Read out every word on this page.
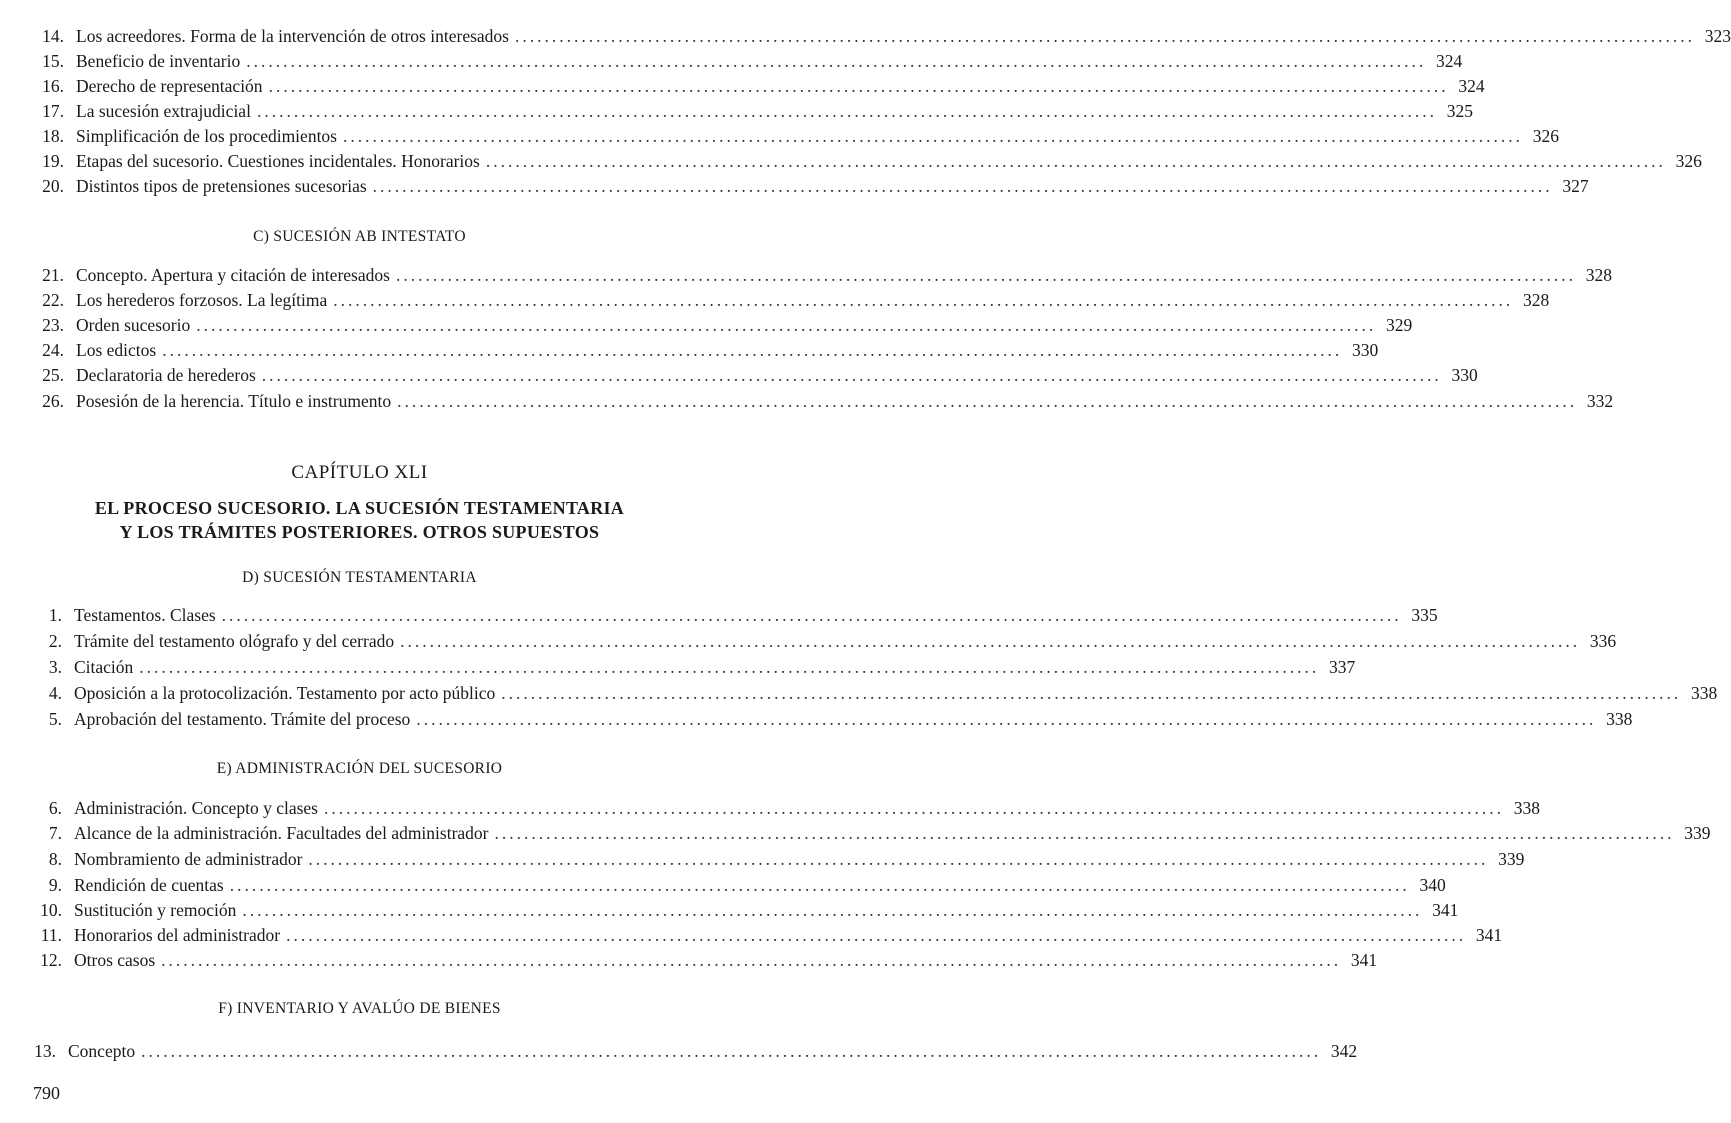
14. Los acreedores. Forma de la intervención de otros interesados ................................................................................................................................................................ 323
15. Beneficio de inventario ................................................................................................................................................................ 324
16. Derecho de representación ................................................................................................................................................................ 324
17. La sucesión extrajudicial ................................................................................................................................................................ 325
18. Simplificación de los procedimientos ................................................................................................................................................................ 326
19. Etapas del sucesorio. Cuestiones incidentales. Honorarios ................................................................................................................................................................ 326
20. Distintos tipos de pretensiones sucesorias ................................................................................................................................................................ 327
C) SUCESIÓN AB INTESTATO
21. Concepto. Apertura y citación de interesados ................................................................................................................................................................ 328
22. Los herederos forzosos. La legítima ................................................................................................................................................................ 328
23. Orden sucesorio ................................................................................................................................................................ 329
24. Los edictos ................................................................................................................................................................ 330
25. Declaratoria de herederos ................................................................................................................................................................ 330
26. Posesión de la herencia. Título e instrumento ................................................................................................................................................................ 332
CAPÍTULO XLI
EL PROCESO SUCESORIO. LA SUCESIÓN TESTAMENTARIA
Y LOS TRÁMITES POSTERIORES. OTROS SUPUESTOS
D) SUCESIÓN TESTAMENTARIA
1. Testamentos. Clases ................................................................................................................................................................ 335
2. Trámite del testamento ológrafo y del cerrado ................................................................................................................................................................ 336
3. Citación ................................................................................................................................................................ 337
4. Oposición a la protocolización. Testamento por acto público ................................................................................................................................................................ 338
5. Aprobación del testamento. Trámite del proceso ................................................................................................................................................................ 338
E) ADMINISTRACIÓN DEL SUCESORIO
6. Administración. Concepto y clases ................................................................................................................................................................ 338
7. Alcance de la administración. Facultades del administrador ................................................................................................................................................................ 339
8. Nombramiento de administrador ................................................................................................................................................................ 339
9. Rendición de cuentas ................................................................................................................................................................ 340
10. Sustitución y remoción ................................................................................................................................................................ 341
11. Honorarios del administrador ................................................................................................................................................................ 341
12. Otros casos ................................................................................................................................................................ 341
F) INVENTARIO Y AVALÚO DE BIENES
13. Concepto ................................................................................................................................................................ 342
790
